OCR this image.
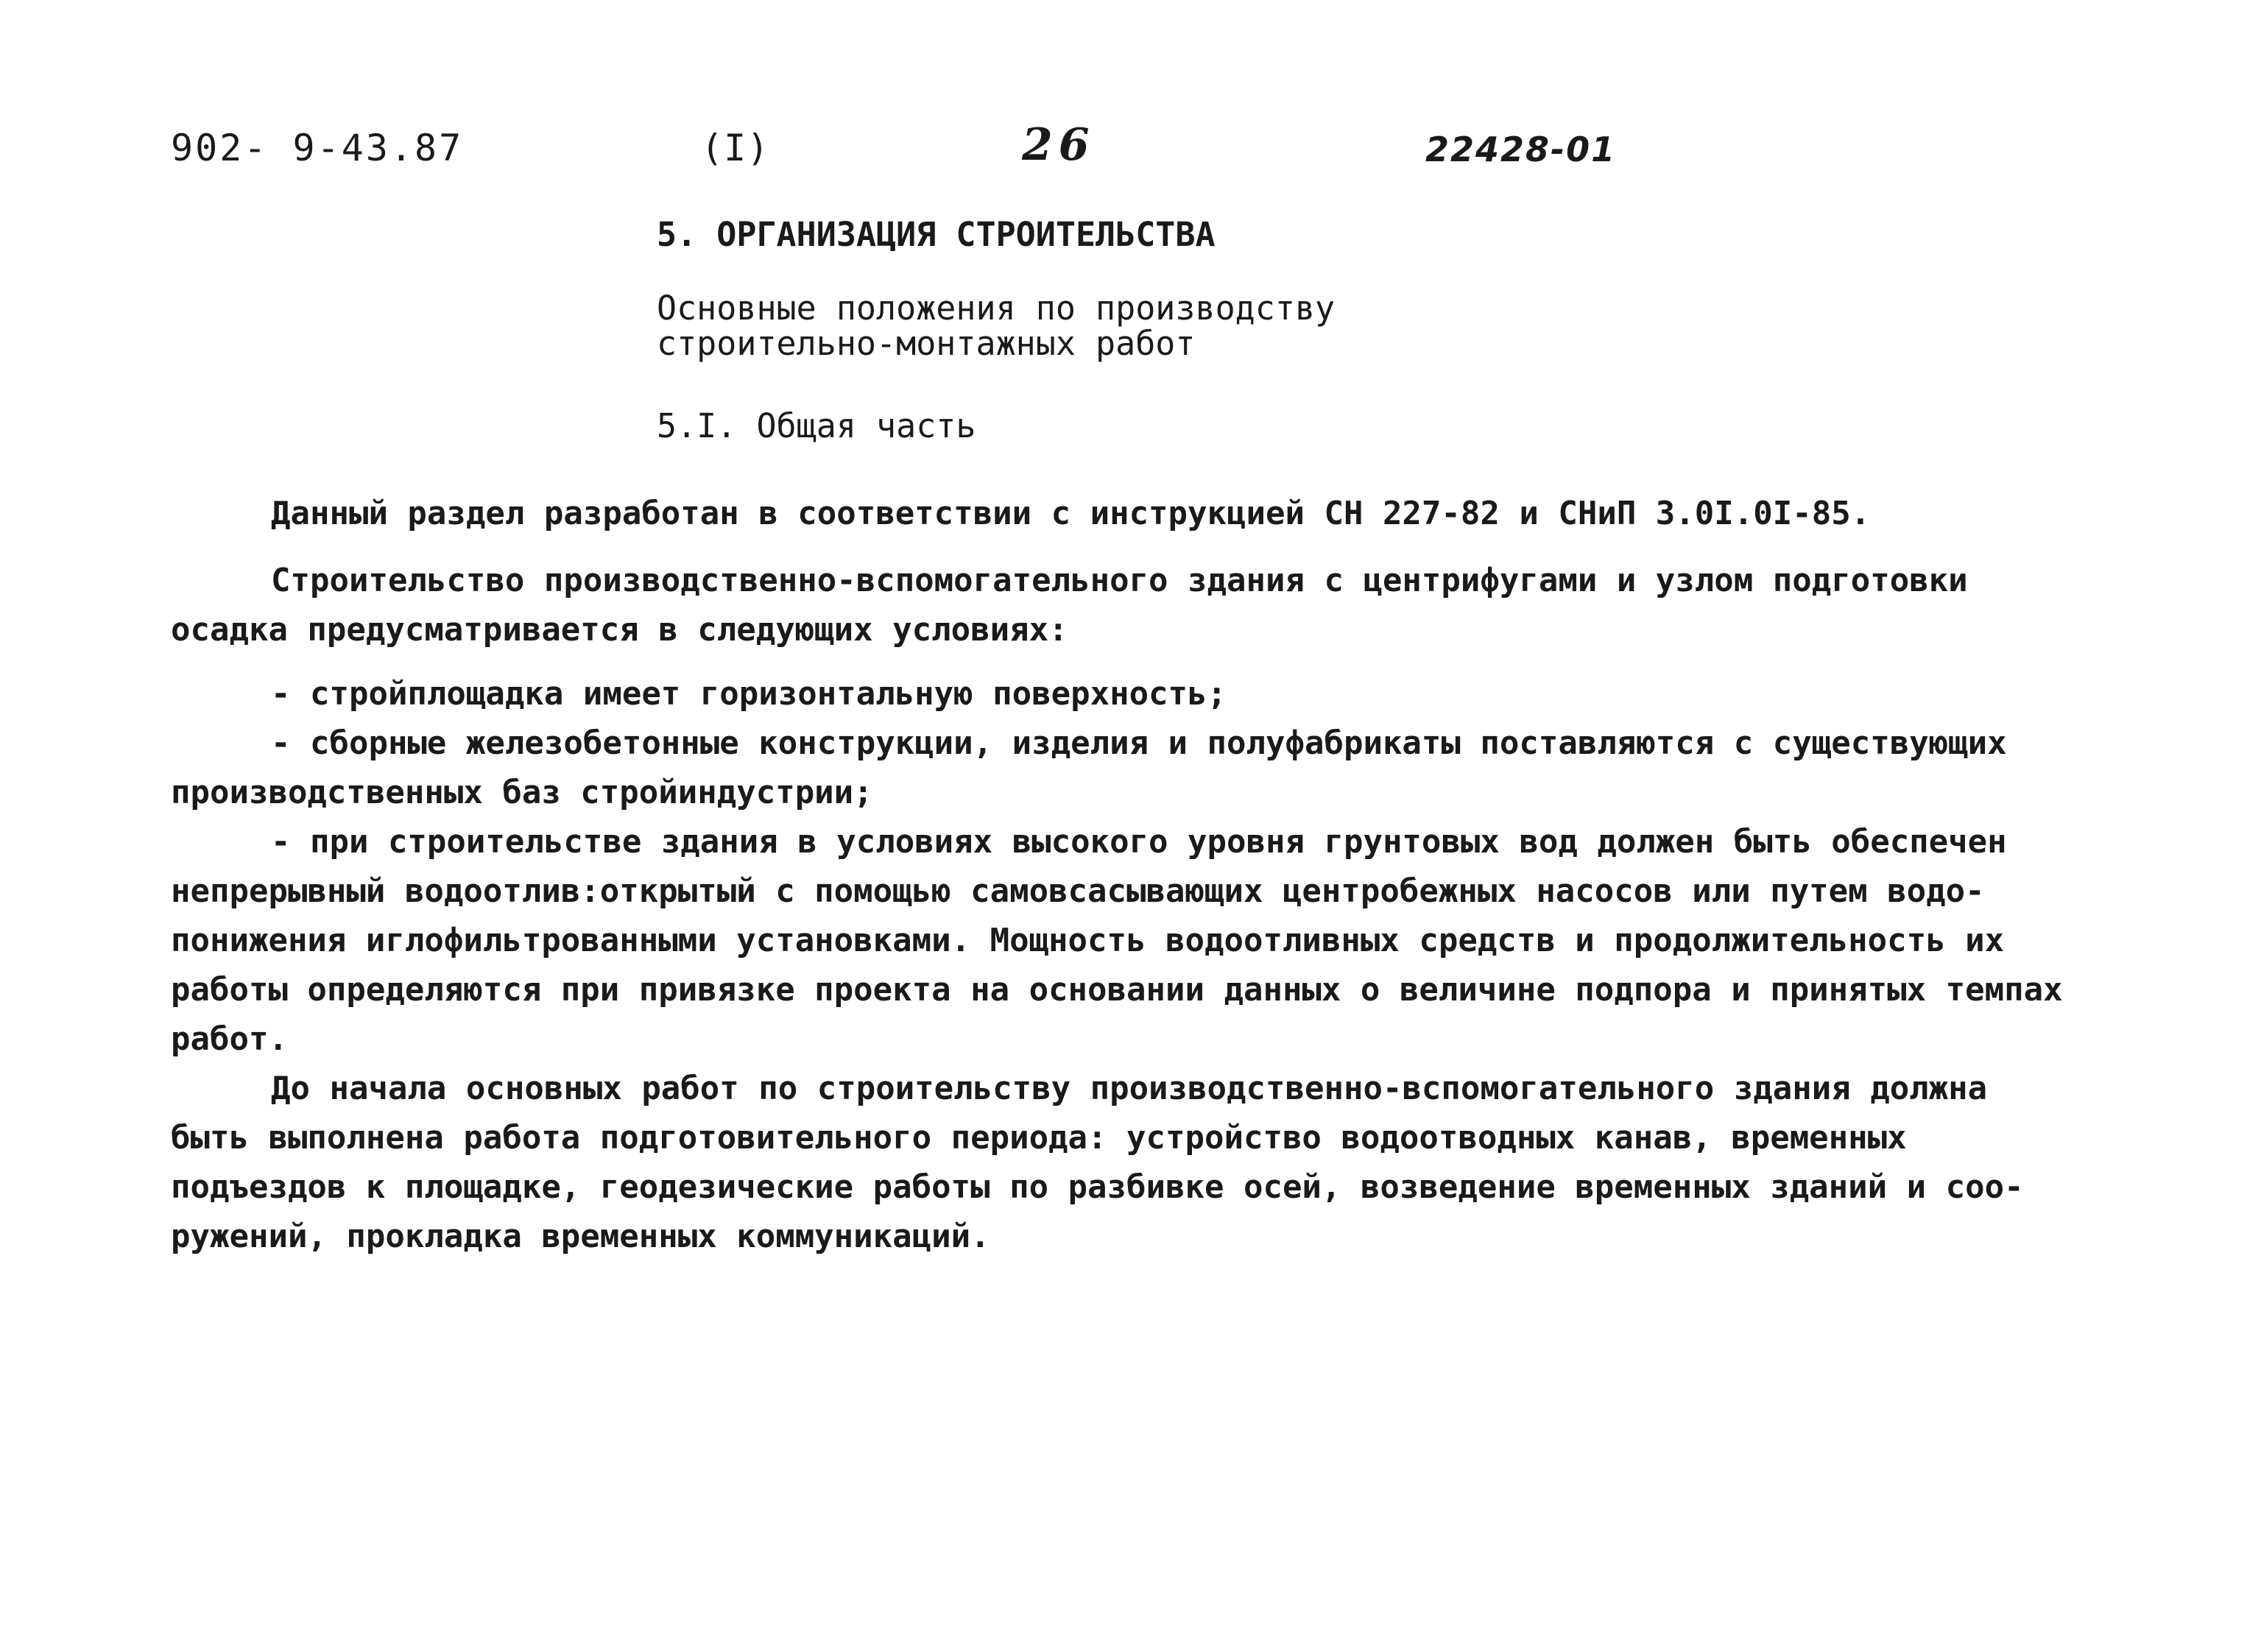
902- 9-43.87	(I)	26	22428-01
5. ОРГАНИЗАЦИЯ СТРОИТЕЛЬСТВА
Основные положения по производству
строительно-монтажных работ
5.I. Общая часть
Данный раздел разработан в соответствии с инструкцией СН 227-82 и СНиП 3.0I.0I-85.
Строительство производственно-вспомогательного здания с центрифугами и узлом подготовки
осадка предусматривается в следующих условиях:
- стройплощадка имеет горизонтальную поверхность;
- сборные железобетонные конструкции, изделия и полуфабрикаты поставляются с существующих
производственных баз стройиндустрии;
- при строительстве здания в условиях высокого уровня грунтовых вод должен быть обеспечен
непрерывный водоотлив:открытый с помощью самовсасывающих центробежных насосов или путем водо-
понижения иглофильтрованными установками. Мощность водоотливных средств и продолжительность их
работы определяются при привязке проекта на основании данных о величине подпора и принятых темпах
работ.
До начала основных работ по строительству производственно-вспомогательного здания должна
быть выполнена работа подготовительного периода: устройство водоотводных канав, временных
подъездов к площадке, геодезические работы по разбивке осей, возведение временных зданий и соо-
ружений, прокладка временных коммуникаций.
